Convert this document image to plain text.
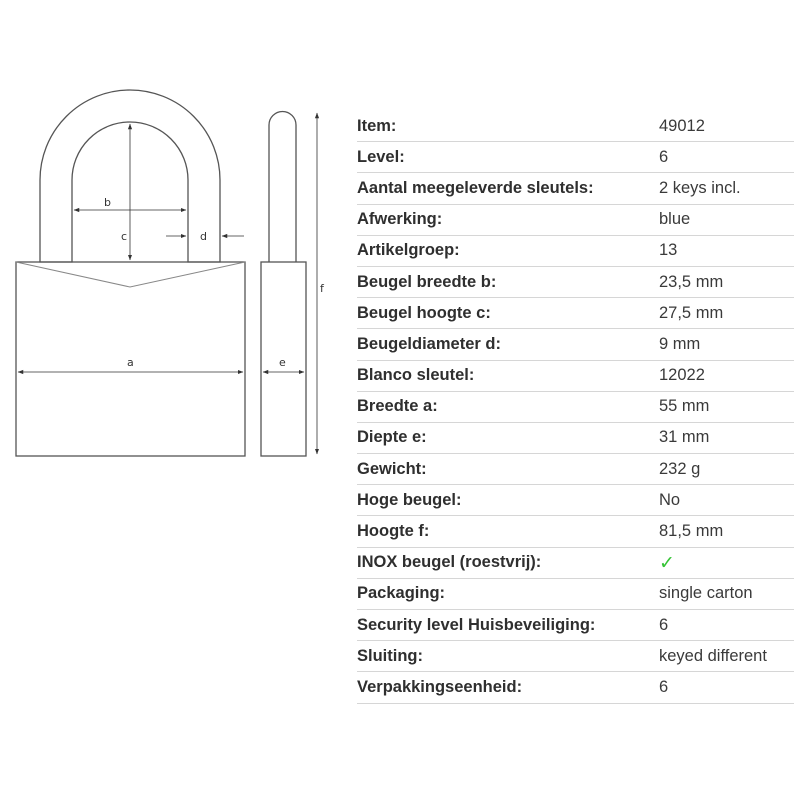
b
c	d
a	e
f
Item:	49012
Level:	6
Aantal meegeleverde sleutels:	2 keys incl.
Afwerking:	blue
Artikelgroep:	13
Beugel breedte b:	23,5 mm
Beugel hoogte c:	27,5 mm
Beugeldiameter d:	9 mm
Blanco sleutel:	12022
Breedte a:	55 mm
Diepte e:	31 mm
Gewicht:	232 g
Hoge beugel:	No
Hoogte f:	81,5 mm
INOX beugel (roestvrij):	✓
Packaging:	single carton
Security level Huisbeveiliging:	6
Sluiting:	keyed different
Verpakkingseenheid:	6
